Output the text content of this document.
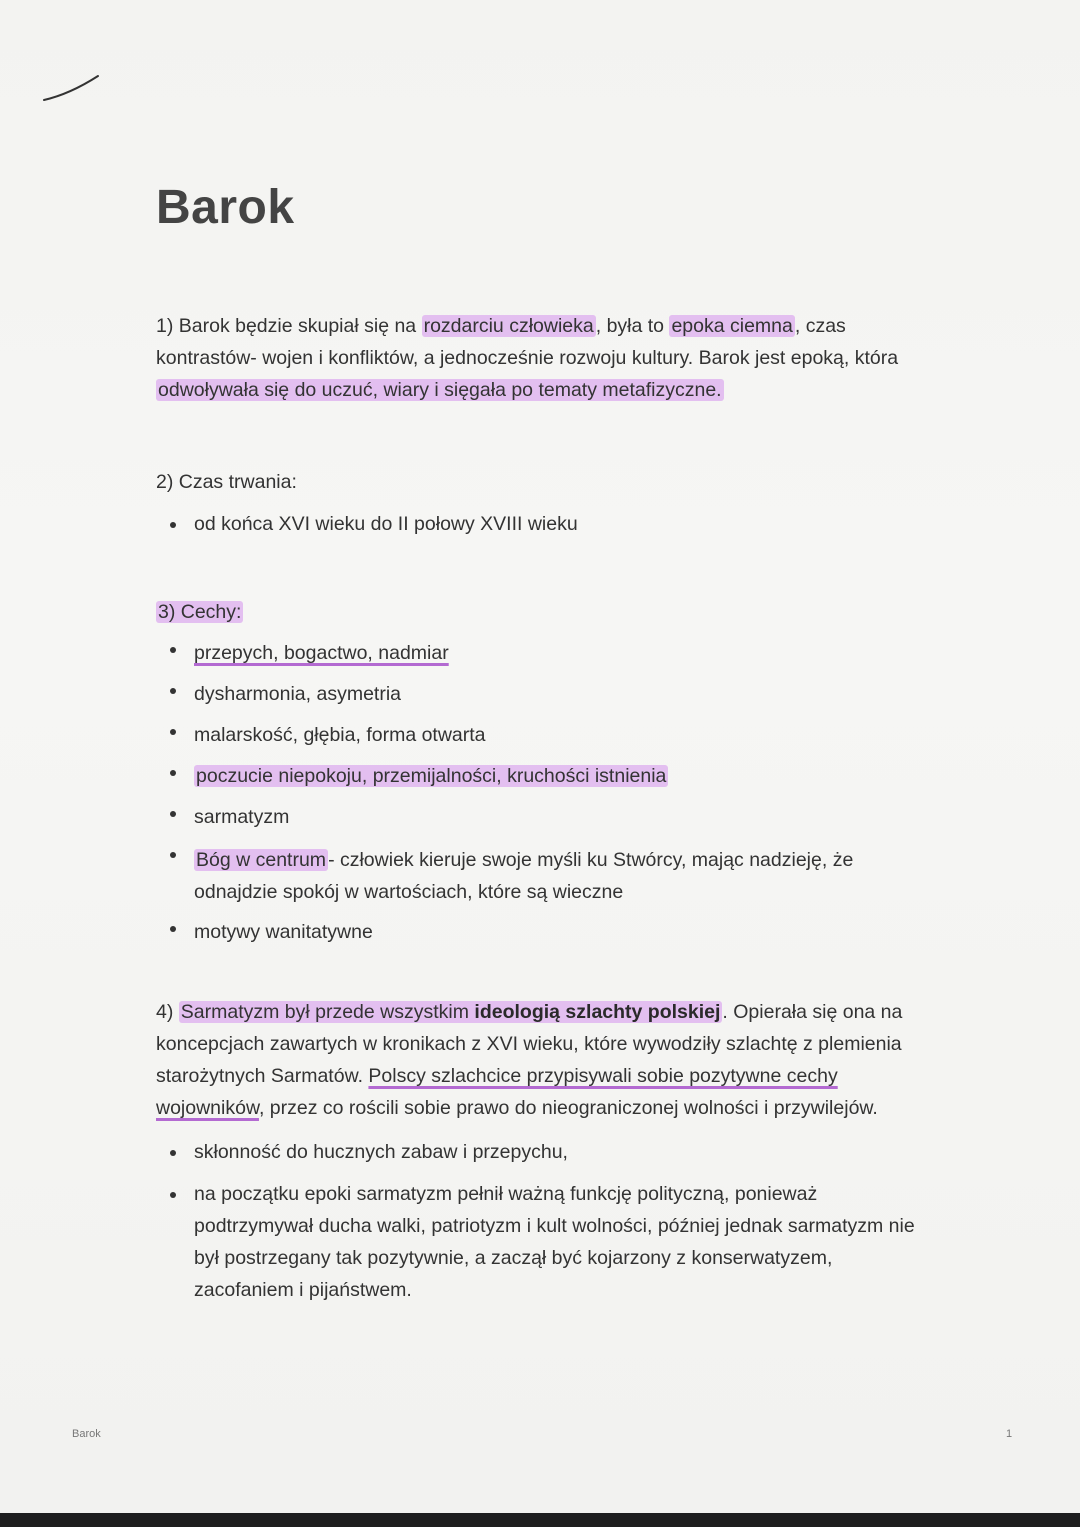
Barok

1) Barok będzie skupiał się na rozdarciu człowieka , była to epoka ciemna , czas kontrastów- wojen i konfliktów, a jednocześnie rozwoju kultury. Barok jest epoką, która odwoływała się do uczuć, wiary i sięgała po tematy metafizyczne.

2) Czas trwania:

od końca XVI wieku do II połowy XVIII wieku

3) Cechy:

przepych, bogactwo, nadmiar
dysharmonia, asymetria
malarskość, głębia, forma otwarta
poczucie niepokoju, przemijalności, kruchości istnienia
sarmatyzm
Bóg w centrum - człowiek kieruje swoje myśli ku Stwórcy, mając nadzieję, że odnajdzie spokój w wartościach, które są wieczne
motywy wanitatywne

4) Sarmatyzm był przede wszystkim ideologią szlachty polskiej . Opierała się ona na koncepcjach zawartych w kronikach z XVI wieku, które wywodziły szlachtę z plemienia starożytnych Sarmatów. Polscy szlachcice przypisywali sobie pozytywne cechy wojowników, przez co rościli sobie prawo do nieograniczonej wolności i przywilejów.

skłonność do hucznych zabaw i przepychu,
na początku epoki sarmatyzm pełnił ważną funkcję polityczną, ponieważ podtrzymywał ducha walki, patriotyzm i kult wolności, później jednak sarmatyzm nie był postrzegany tak pozytywnie, a zaczął być kojarzony z konserwatyzem, zacofaniem i pijaństwem.
Barok	1
